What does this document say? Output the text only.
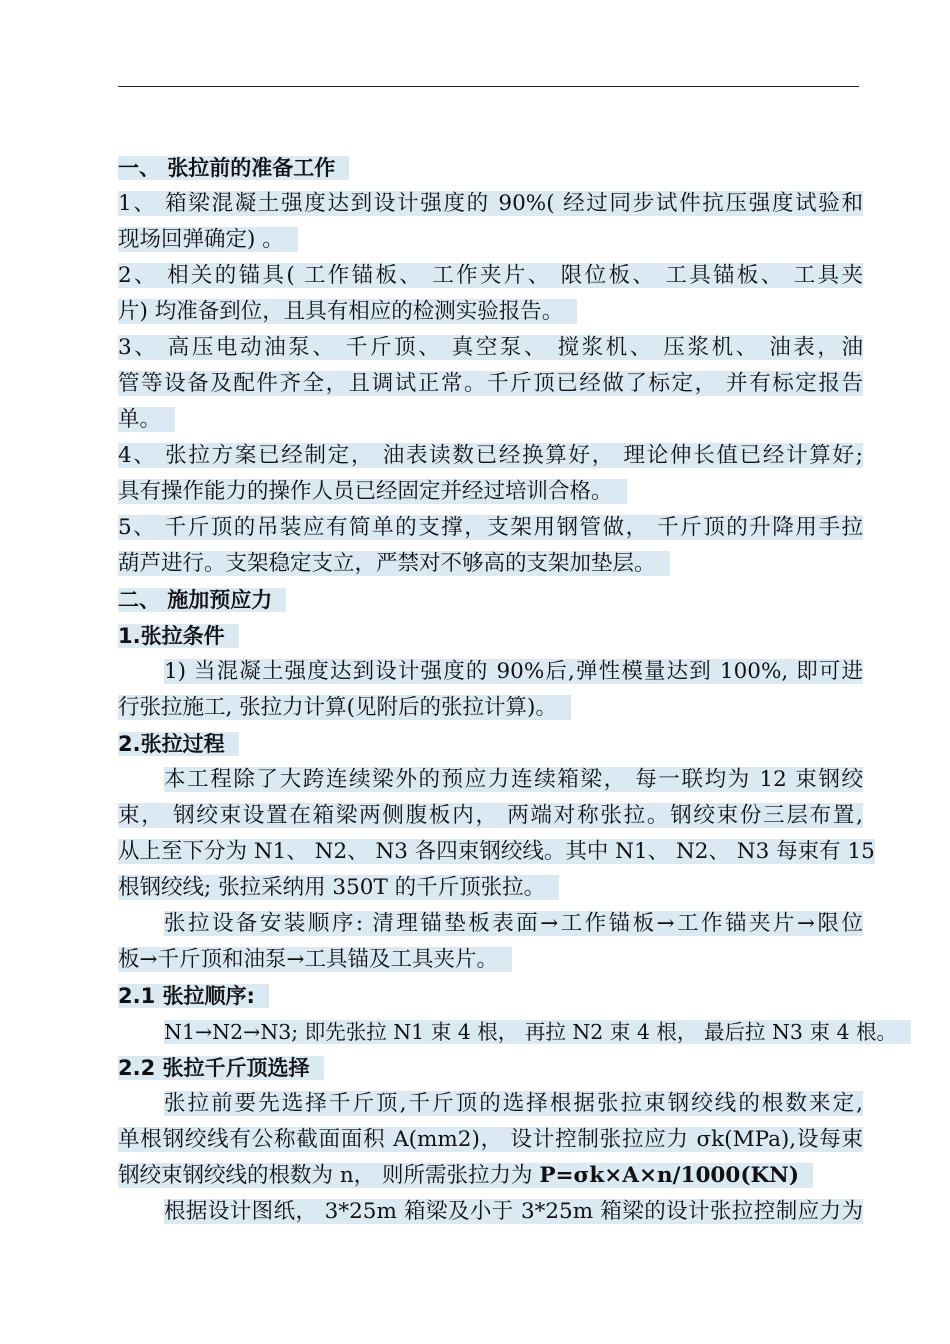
一、 张拉前的准备工作
1、 箱梁混凝土强度达到设计强度的 90%( 经过同步试件抗压强度试验和
现场回弹确定) 。
2、 相关的锚具( 工作锚板、 工作夹片、 限位板、 工具锚板、 工具夹
片) 均准备到位，且具有相应的检测实验报告。
3、 高压电动油泵、 千斤顶、 真空泵、 搅浆机、 压浆机、 油表，油
管等设备及配件齐全，且调试正常。千斤顶已经做了标定， 并有标定报告
单。
4、 张拉方案已经制定， 油表读数已经换算好， 理论伸长值已经计算好;
具有操作能力的操作人员已经固定并经过培训合格。
5、 千斤顶的吊装应有简单的支撑，支架用钢管做， 千斤顶的升降用手拉
葫芦进行。支架稳定支立，严禁对不够高的支架加垫层。
二、 施加预应力
1.张拉条件
1) 当混凝土强度达到设计强度的 90%后,弹性模量达到 100%, 即可进
行张拉施工, 张拉力计算(见附后的张拉计算)。
2.张拉过程
本工程除了大跨连续梁外的预应力连续箱梁， 每一联均为 12 束钢绞
束， 钢绞束设置在箱梁两侧腹板内， 两端对称张拉。钢绞束份三层布置,
从上至下分为 N1、 N2、 N3 各四束钢绞线。其中 N1、 N2、 N3 每束有 15
根钢绞线; 张拉采纳用 350T 的千斤顶张拉。
张拉设备安装顺序: 清理锚垫板表面→工作锚板→工作锚夹片→限位
板→千斤顶和油泵→工具锚及工具夹片。
2.1 张拉顺序:
N1→N2→N3; 即先张拉 N1 束 4 根， 再拉 N2 束 4 根， 最后拉 N3 束 4 根。
2.2 张拉千斤顶选择
张拉前要先选择千斤顶,千斤顶的选择根据张拉束钢绞线的根数来定,
单根钢绞线有公称截面面积 A(mm2)， 设计控制张拉应力 σk(MPa),设每束
钢绞束钢绞线的根数为 n， 则所需张拉力为 P=σk×A×n/1000(KN)
根据设计图纸， 3*25m 箱梁及小于 3*25m 箱梁的设计张拉控制应力为
